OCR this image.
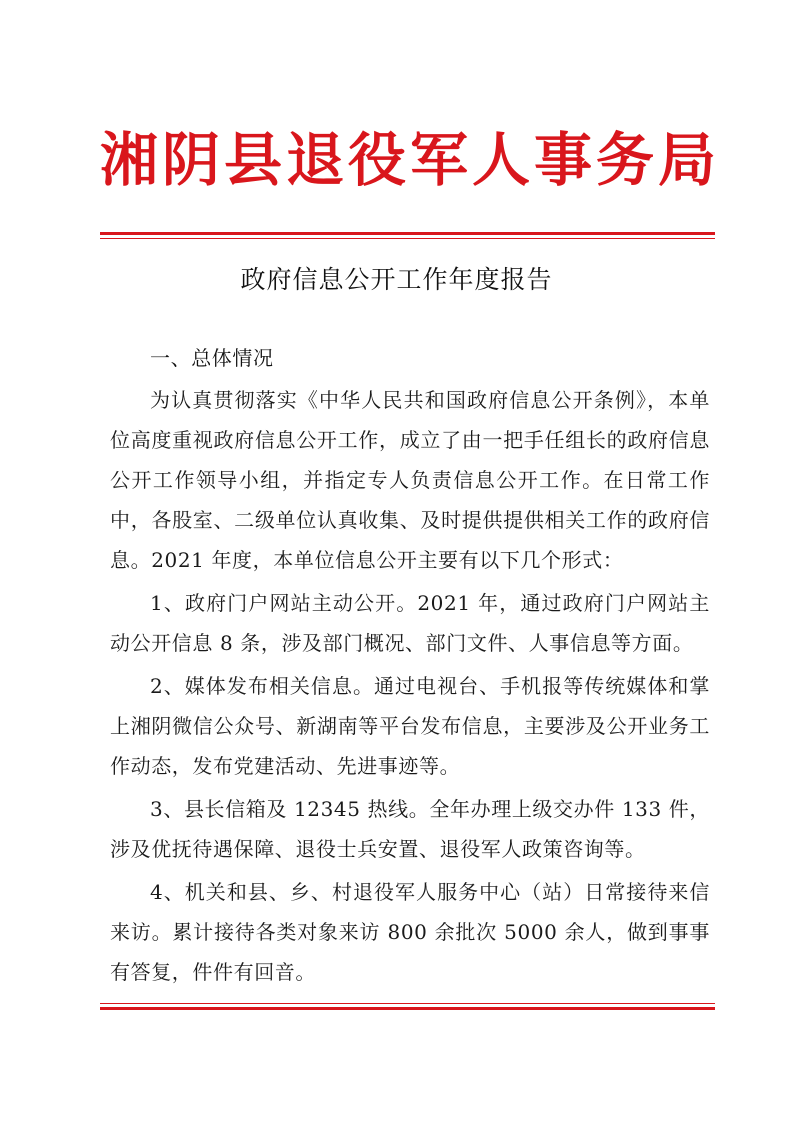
湘阴县退役军人事务局
政府信息公开工作年度报告
一、总体情况

为认真贯彻落实《中华人民共和国政府信息公开条例》，本单位高度重视政府信息公开工作，成立了由一把手任组长的政府信息公开工作领导小组，并指定专人负责信息公开工作。在日常工作中，各股室、二级单位认真收集、及时提供提供相关工作的政府信息。2021 年度，本单位信息公开主要有以下几个形式：

1、政府门户网站主动公开。2021 年，通过政府门户网站主动公开信息 8 条，涉及部门概况、部门文件、人事信息等方面。

2、媒体发布相关信息。通过电视台、手机报等传统媒体和掌上湘阴微信公众号、新湖南等平台发布信息，主要涉及公开业务工作动态，发布党建活动、先进事迹等。

3、县长信箱及 12345 热线。全年办理上级交办件 133 件，涉及优抚待遇保障、退役士兵安置、退役军人政策咨询等。

4、机关和县、乡、村退役军人服务中心（站）日常接待来信来访。累计接待各类对象来访 800 余批次 5000 余人，做到事事有答复，件件有回音。
